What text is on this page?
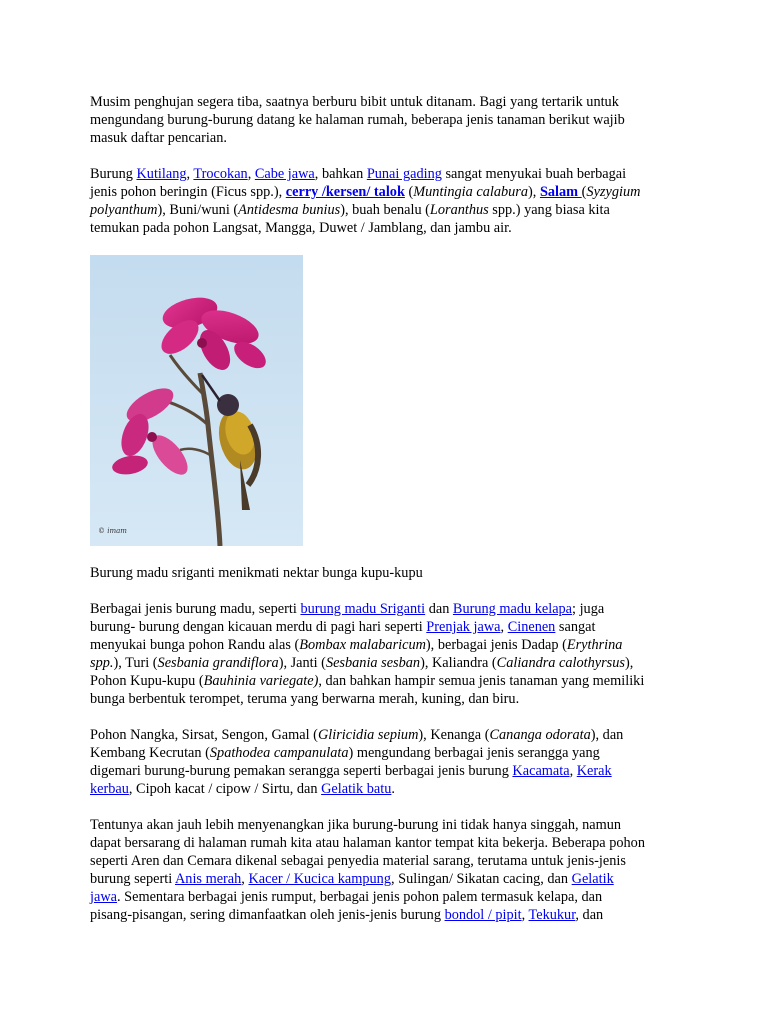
Musim penghujan segera tiba, saatnya berburu bibit untuk ditanam. Bagi yang tertarik untuk
mengundang burung-burung datang ke halaman rumah, beberapa jenis tanaman berikut wajib
masuk daftar pencarian.

Burung Kutilang, Trocokan, Cabe jawa, bahkan Punai gading sangat menyukai buah berbagai
jenis pohon beringin (Ficus spp.), cerry /kersen/ talok (Muntingia calabura), Salam (Syzygium
polyanthum), Buni/wuni (Antidesma bunius), buah benalu (Loranthus spp.) yang biasa kita
temukan pada pohon Langsat, Mangga, Duwet / Jamblang, dan jambu air.

© imam

Burung madu sriganti menikmati nektar bunga kupu-kupu

Berbagai jenis burung madu, seperti burung madu Sriganti dan Burung madu kelapa; juga
burung- burung dengan kicauan merdu di pagi hari seperti Prenjak jawa, Cinenen sangat
menyukai bunga pohon Randu alas (Bombax malabaricum), berbagai jenis Dadap (Erythrina
spp.), Turi (Sesbania grandiflora), Janti (Sesbania sesban), Kaliandra (Caliandra calothyrsus),
Pohon Kupu-kupu (Bauhinia variegate), dan bahkan hampir semua jenis tanaman yang memiliki
bunga berbentuk terompet, teruma yang berwarna merah, kuning, dan biru.

Pohon Nangka, Sirsat, Sengon, Gamal (Gliricidia sepium), Kenanga (Cananga odorata), dan
Kembang Kecrutan (Spathodea campanulata) mengundang berbagai jenis serangga yang
digemari burung-burung pemakan serangga seperti berbagai jenis burung Kacamata, Kerak
kerbau, Cipoh kacat / cipow / Sirtu, dan Gelatik batu.

Tentunya akan jauh lebih menyenangkan jika burung-burung ini tidak hanya singgah, namun
dapat bersarang di halaman rumah kita atau halaman kantor tempat kita bekerja. Beberapa pohon
seperti Aren dan Cemara dikenal sebagai penyedia material sarang, terutama untuk jenis-jenis
burung seperti Anis merah, Kacer / Kucica kampung, Sulingan/ Sikatan cacing, dan Gelatik
jawa. Sementara berbagai jenis rumput, berbagai jenis pohon palem termasuk kelapa, dan
pisang-pisangan, sering dimanfaatkan oleh jenis-jenis burung bondol / pipit, Tekukur, dan
